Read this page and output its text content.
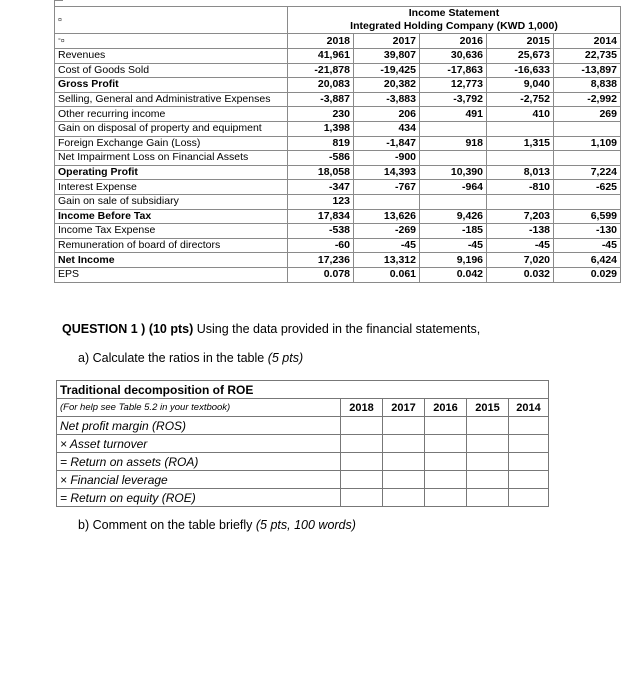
¤	Income Statement
Integrated Holding Company (KWD 1,000)				

°¤	2018	2017	2016	2015	2014
Revenues	41,961	39,807	30,636	25,673	22,735
Cost of Goods Sold	-21,878	-19,425	-17,863	-16,633	-13,897
Gross Profit	20,083	20,382	12,773	9,040	8,838
Selling, General and Administrative Expenses	-3,887	-3,883	-3,792	-2,752	-2,992
Other recurring income	230	206	491	410	269
Gain on disposal of property and equipment	1,398	434			
Foreign Exchange Gain (Loss)	819	-1,847	918	1,315	1,109
Net Impairment Loss on Financial Assets	-586	-900			
Operating Profit	18,058	14,393	10,390	8,013	7,224
Interest Expense	-347	-767	-964	-810	-625
Gain on sale of subsidiary	123				
Income Before Tax	17,834	13,626	9,426	7,203	6,599
Income Tax Expense	-538	-269	-185	-138	-130
Remuneration of board of directors	-60	-45	-45	-45	-45
Net Income	17,236	13,312	9,196	7,020	6,424
EPS	0.078	0.061	0.042	0.032	0.029
QUESTION 1 ) (10 pts) Using the data provided in the financial statements,
a) Calculate the ratios in the table (5 pts)
Traditional decomposition of ROE					
(For help see Table 5.2 in your textbook)	2018	2017	2016	2015	2014
Net profit margin (ROS)					
× Asset turnover					
= Return on assets (ROA)					
× Financial leverage					
= Return on equity (ROE)					
b) Comment on the table briefly (5 pts, 100 words)
